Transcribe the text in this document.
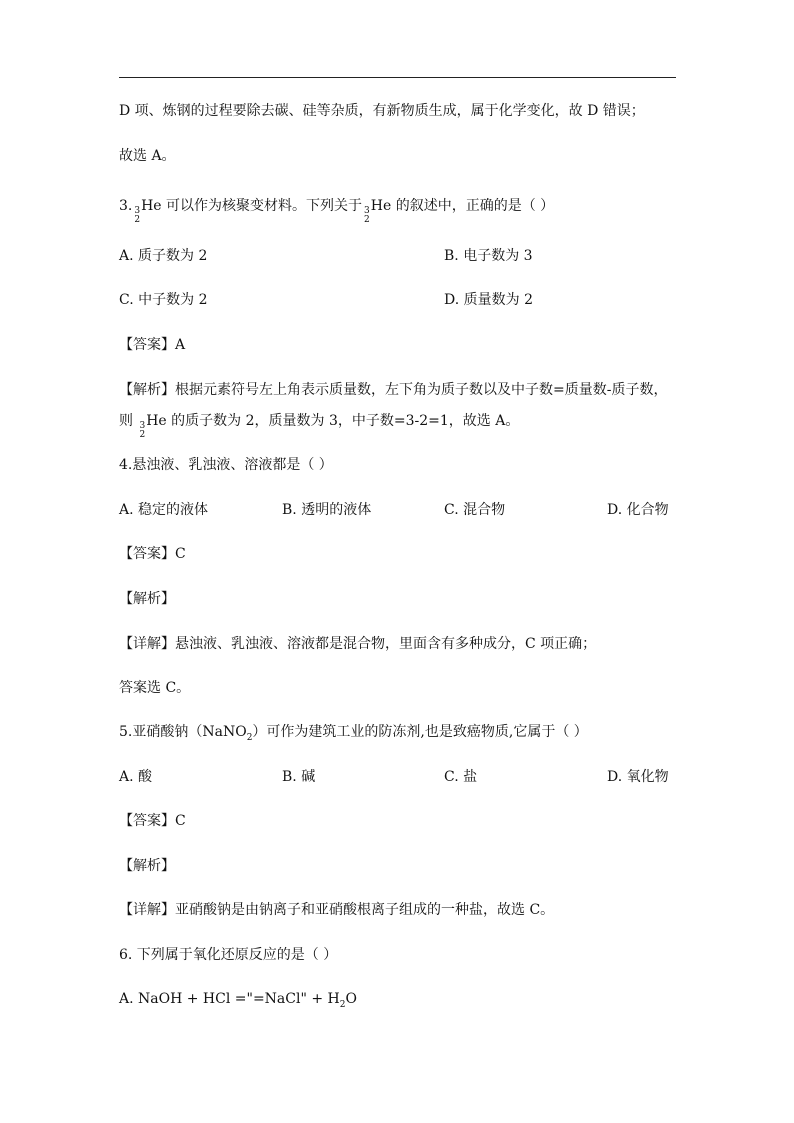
D 项、炼钢的过程要除去碳、硅等杂质，有新物质生成，属于化学变化，故 D 错误；
故选 A。
3. 3
2
He 可以作为核聚变材料。下列关于 3
2
He 的叙述中，正确的是（ ）
A. 质子数为 2	B. 电子数为 3
C. 中子数为 2	D. 质量数为 2
【答案】A
【解析】根据元素符号左上角表示质量数，左下角为质子数以及中子数=质量数-质子数，
则 3
2
He 的质子数为 2，质量数为 3，中子数=3-2=1，故选 A。
4.悬浊液、乳浊液、溶液都是（ ）
A. 稳定的液体	B. 透明的液体	C. 混合物	D. 化合物
【答案】C
【解析】
【详解】悬浊液、乳浊液、溶液都是混合物，里面含有多种成分，C 项正确；
答案选 C。
5.亚硝酸钠（NaNO$_2$）可作为建筑工业的防冻剂,也是致癌物质,它属于（ ）
A. 酸	B. 碱	C. 盐	D. 氧化物
【答案】C
【解析】
【详解】亚硝酸钠是由钠离子和亚硝酸根离子组成的一种盐，故选 C。
6. 下列属于氧化还原反应的是（ ）
A. NaOH + HCl ="=NaCl" + $H_2O$
